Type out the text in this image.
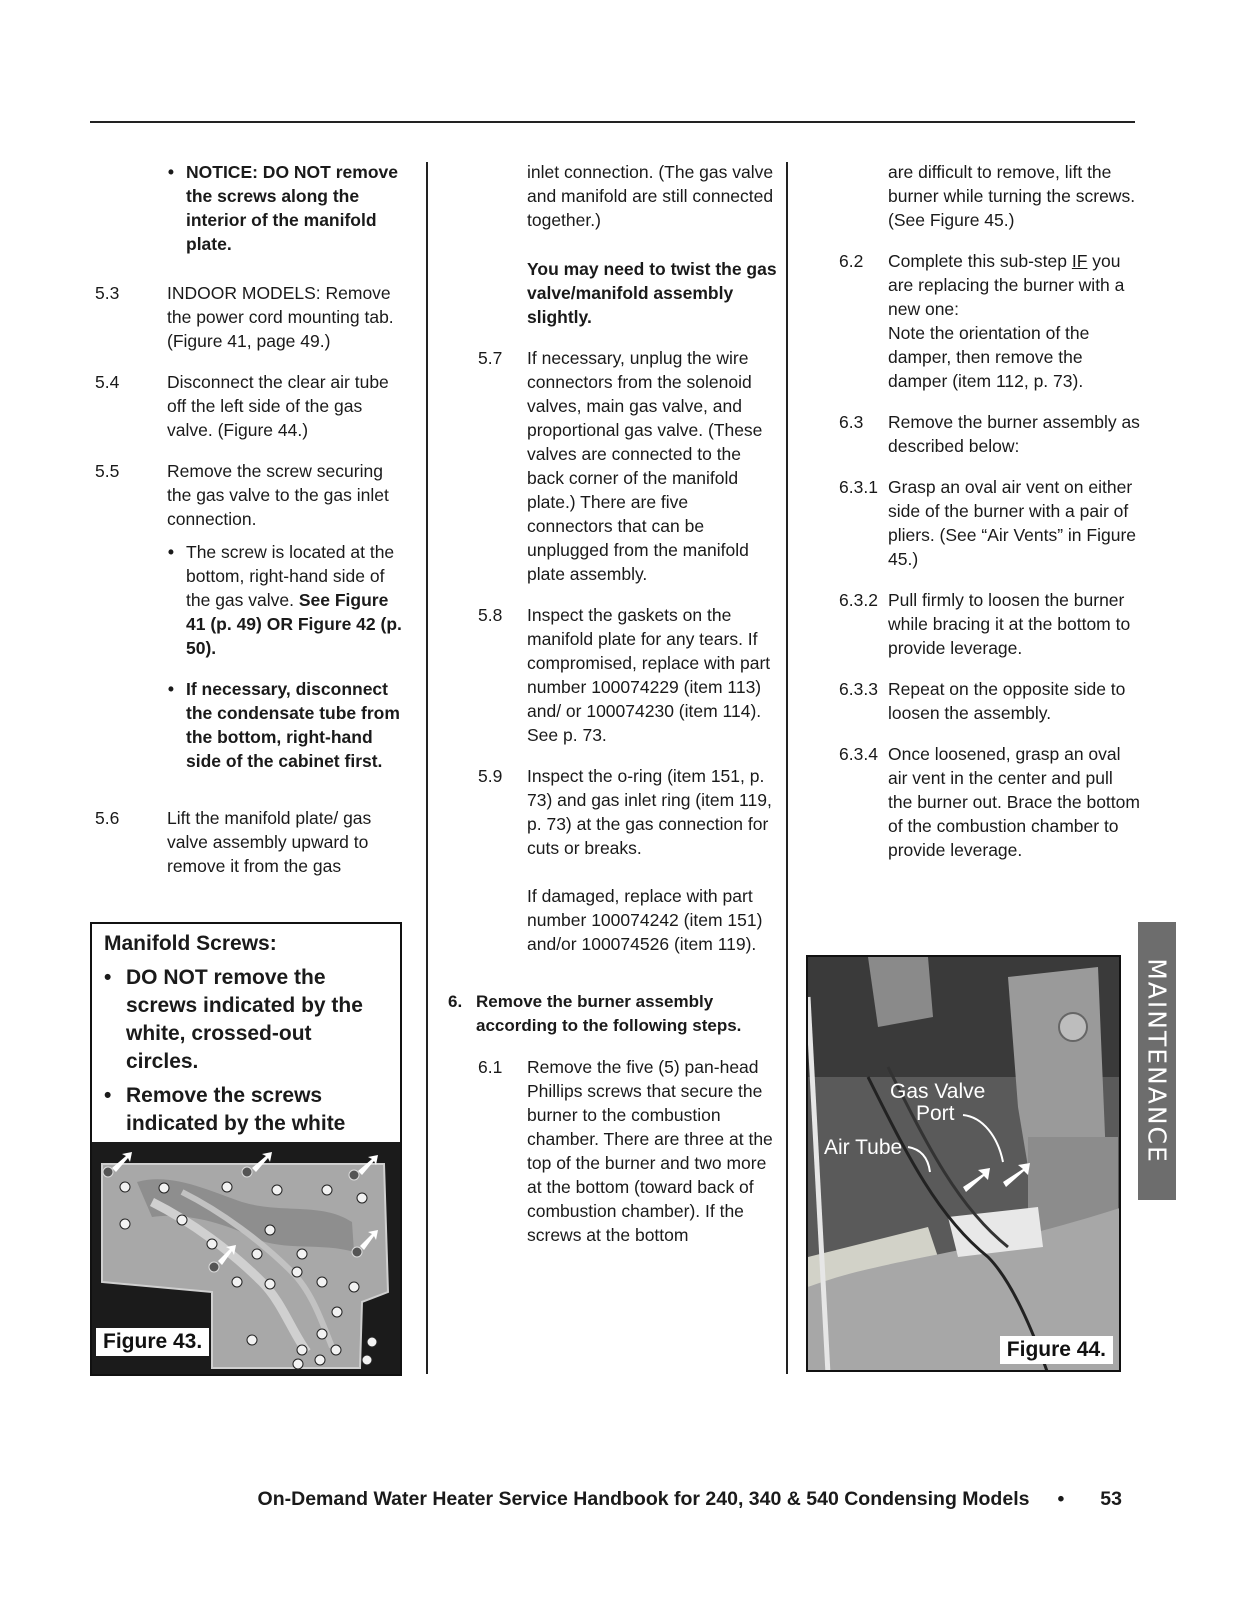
• NOTICE: DO NOT remove the screws along the interior of the manifold plate.
5.3	INDOOR MODELS: Remove the power cord mounting tab. (Figure 41, page 49.)
5.4	Disconnect the clear air tube off the left side of the gas valve. (Figure 44.)
5.5	Remove the screw securing the gas valve to the gas inlet connection.
• The screw is located at the bottom, right-hand side of the gas valve. See Figure 41 (p. 49) OR Figure 42 (p. 50).
• If necessary, disconnect the condensate tube from the bottom, right-hand side of the cabinet first.
5.6	Lift the manifold plate/ gas valve assembly upward to remove it from the gas
Manifold Screws:
• DO NOT remove the screws indicated by the white, crossed-out circles.
• Remove the screws indicated by the white
Figure 43.
inlet connection. (The gas valve and manifold are still connected together.)
You may need to twist the gas valve/manifold assembly slightly.
5.7	If necessary, unplug the wire connectors from the solenoid valves, main gas valve, and proportional gas valve. (These valves are connected to the back corner of the manifold plate.) There are five connectors that can be unplugged from the manifold plate assembly.
5.8	Inspect the gaskets on the manifold plate for any tears. If compromised, replace with part number 100074229 (item 113) and/ or 100074230 (item 114). See p. 73.
5.9	Inspect the o-ring (item 151, p. 73) and gas inlet ring (item 119, p. 73) at the gas connection for cuts or breaks.
If damaged, replace with part number 100074242 (item 151) and/or 100074526 (item 119).
6. Remove the burner assembly according to the following steps.
6.1	Remove the five (5) pan-head Phillips screws that secure the burner to the combustion chamber. There are three at the top of the burner and two more at the bottom (toward back of combustion chamber). If the screws at the bottom
are difficult to remove, lift the burner while turning the screws. (See Figure 45.)
6.2	Complete this sub-step IF you are replacing the burner with a new one:
Note the orientation of the damper, then remove the damper (item 112, p. 73).
6.3	Remove the burner assembly as described below:
6.3.1 Grasp an oval air vent on either side of the burner with a pair of pliers. (See “Air Vents” in Figure 45.)
6.3.2 Pull firmly to loosen the burner while bracing it at the bottom to provide leverage.
6.3.3 Repeat on the opposite side to loosen the assembly.
6.3.4 Once loosened, grasp an oval air vent in the center and pull the burner out. Brace the bottom of the combustion chamber to provide leverage.
Gas Valve
Port
Air Tube
Figure 44.
MAINTENANCE
On-Demand Water Heater Service Handbook for 240, 340 & 540 Condensing Models • 53
